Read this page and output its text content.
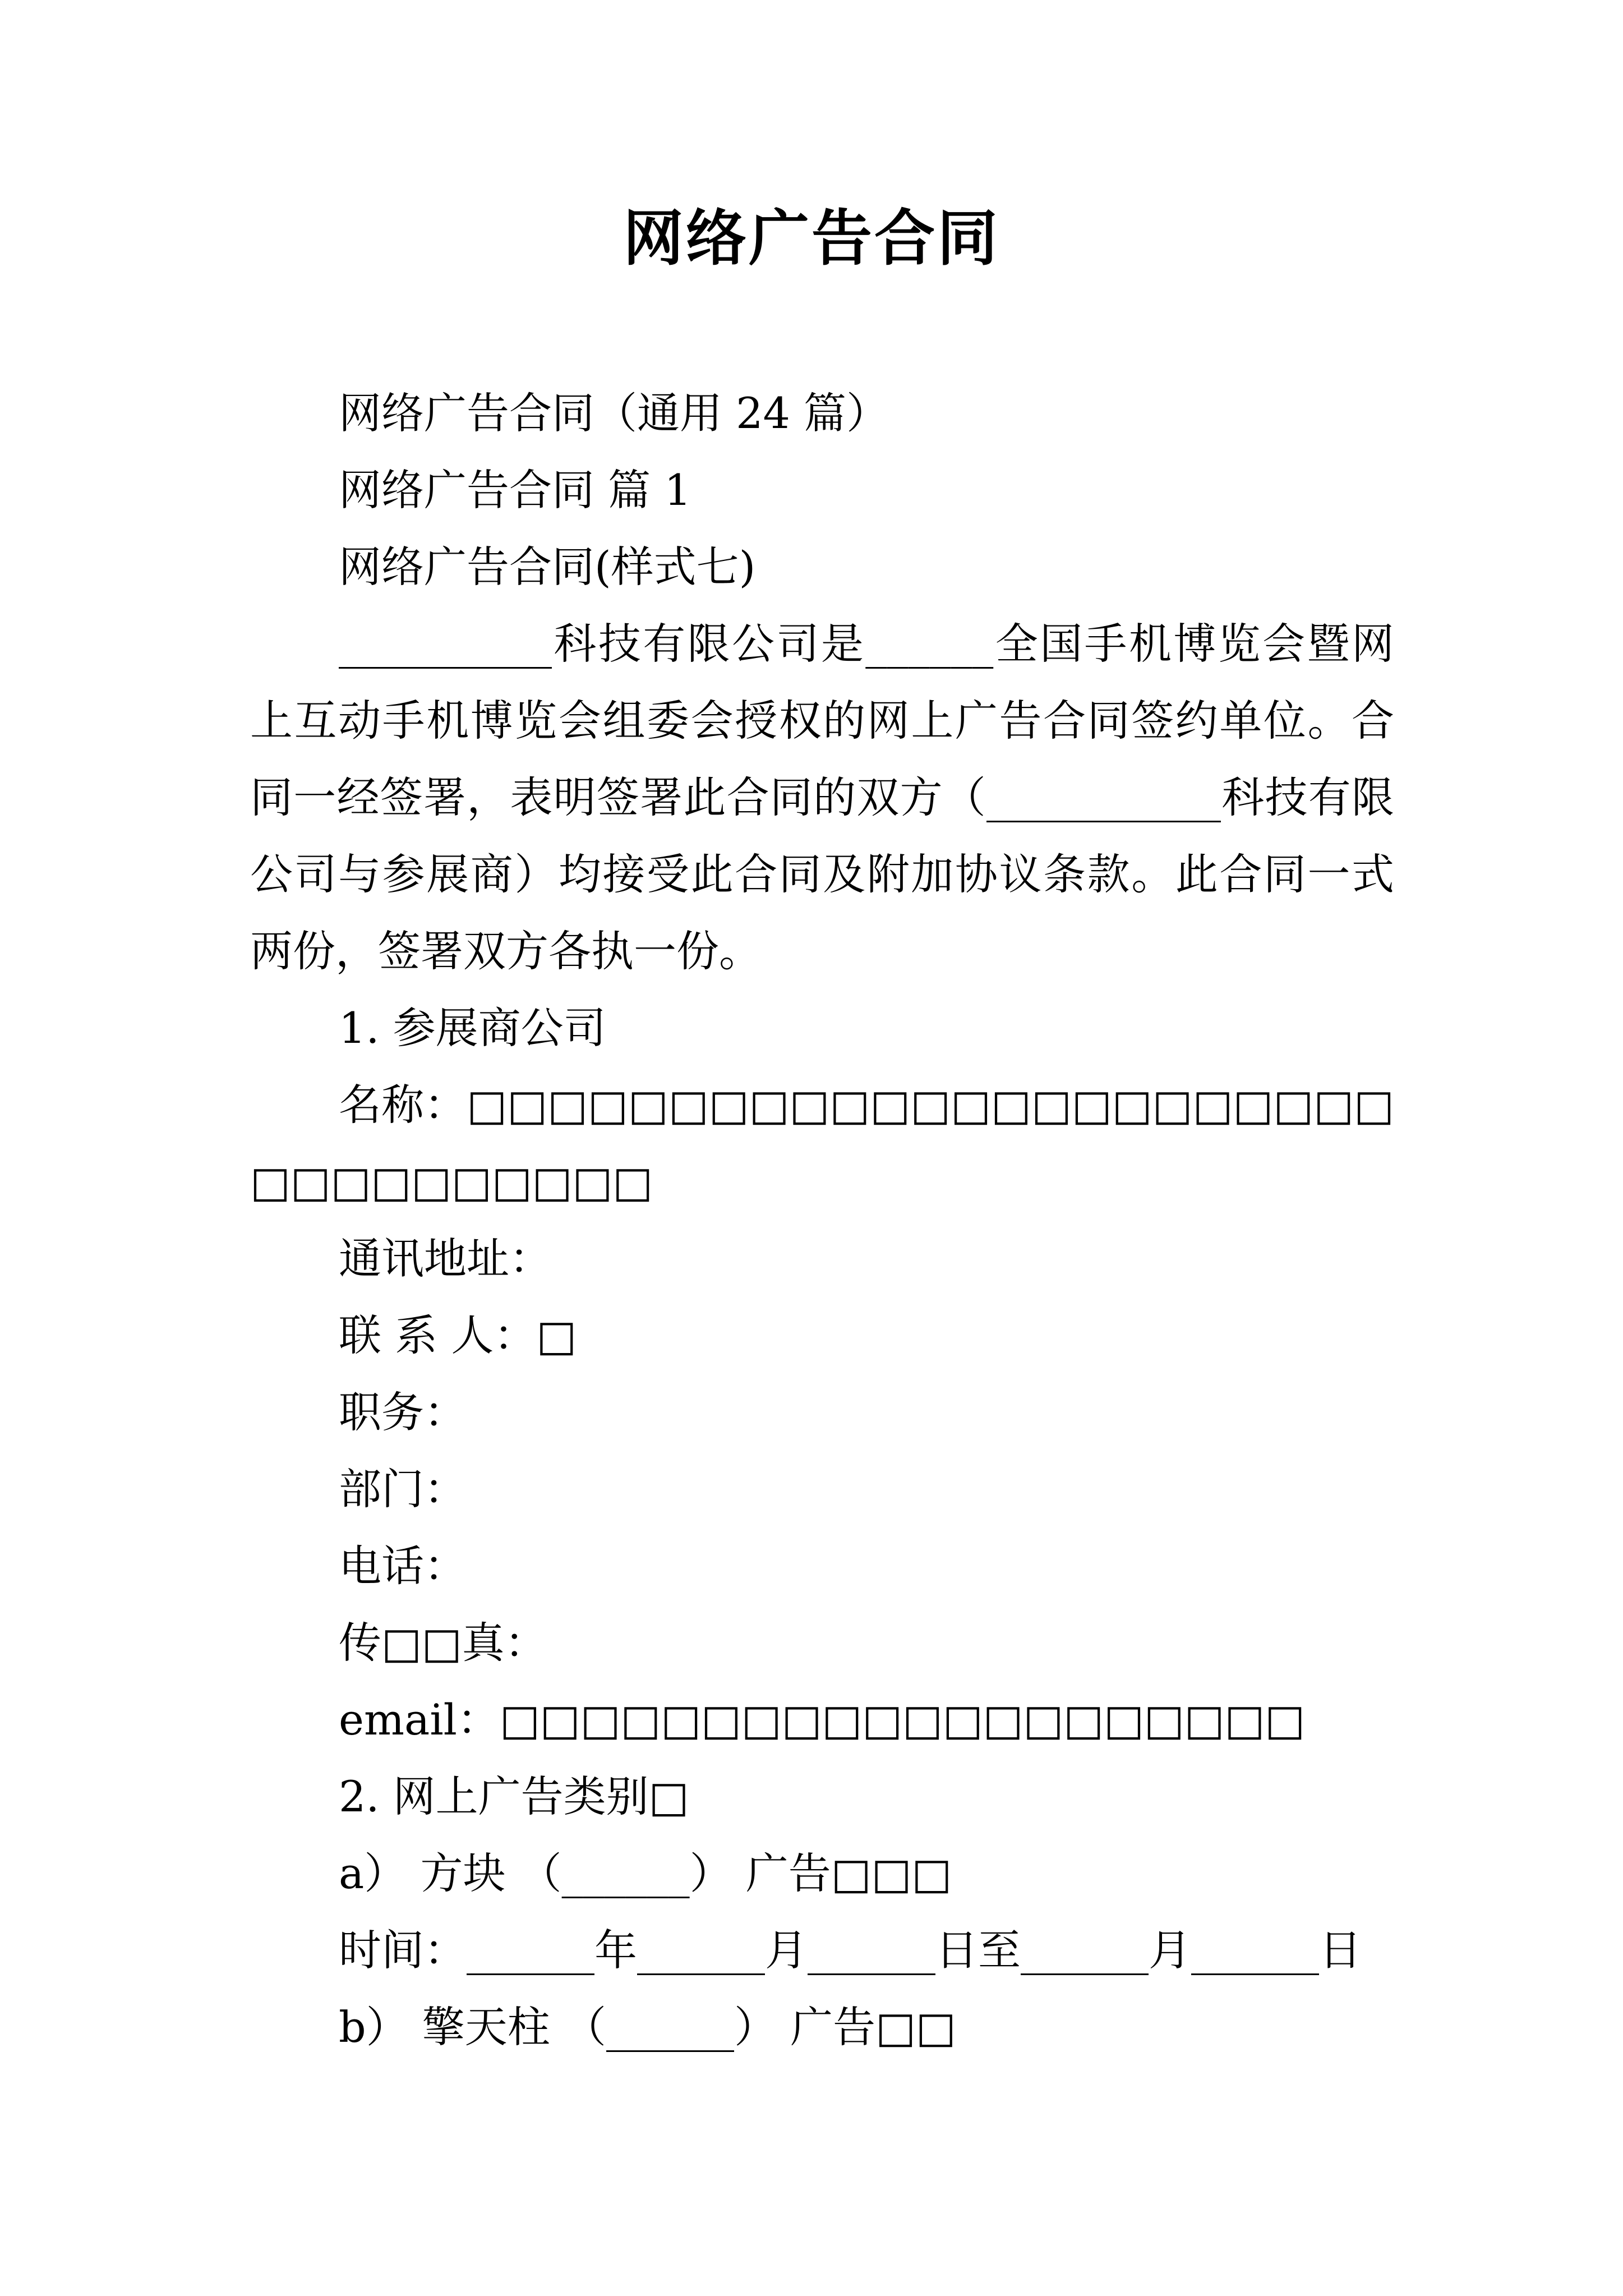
网络广告合同

网络广告合同（通用 24 篇）

网络广告合同 篇 1

网络广告合同(样式七)

__________科技有限公司是______全国手机博览会暨网上互动手机博览会组委会授权的网上广告合同签约单位。合同一经签署，表明签署此合同的双方（___________科技有限公司与参展商）均接受此合同及附加协议条款。此合同一式两份，签署双方各执一份。

1. 参展商公司

名称：□□□□□□□□□□□□□□□□□□□□□□□□□□□□□□□□□

通讯地址：

联 系 人：□

职务：

部门：

电话：

传□□真：

email：□□□□□□□□□□□□□□□□□□□□

2. 网上广告类别□

a） 方块 （______） 广告□□□

时间：______年______月______日至______月______日

b） 擎天柱 （______） 广告□□
